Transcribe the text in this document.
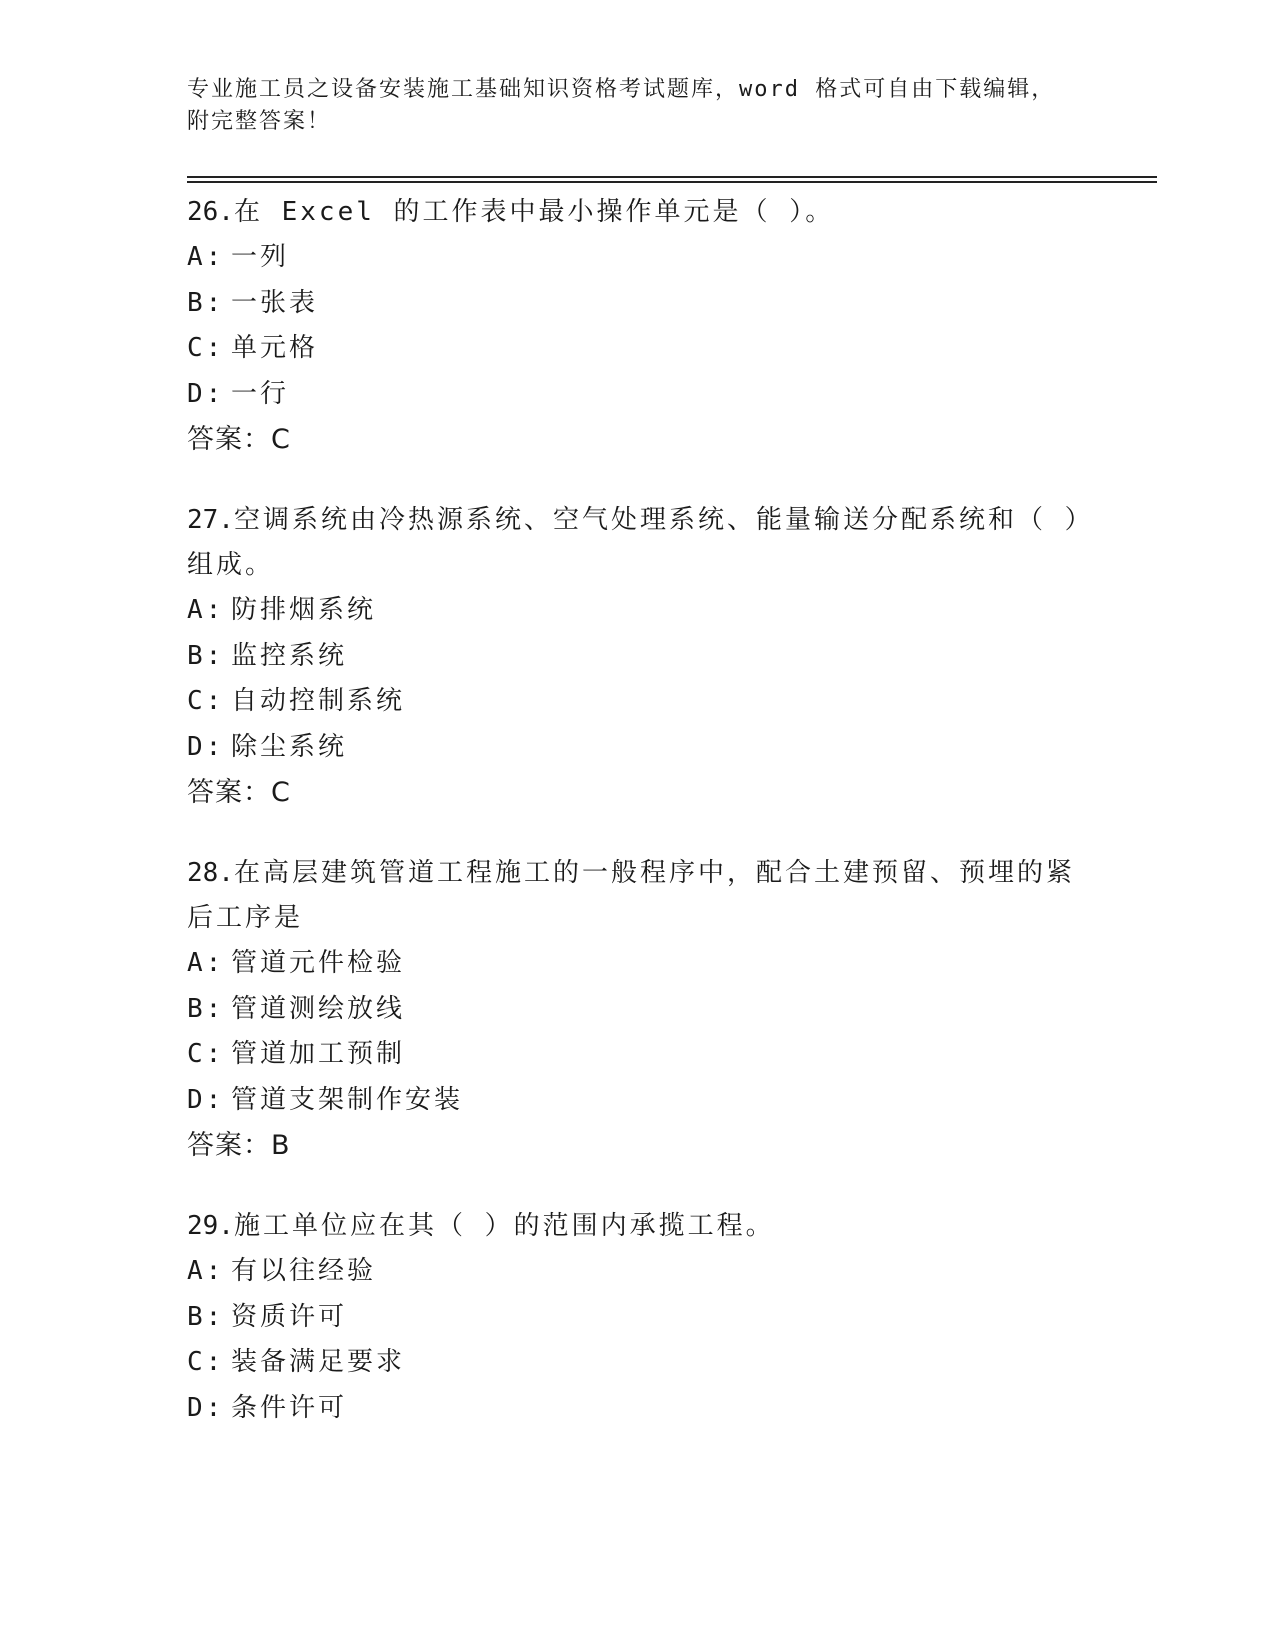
专业施工员之设备安装施工基础知识资格考试题库，word 格式可自由下载编辑，
附完整答案！
26.在 Excel 的工作表中最小操作单元是（ ）。
A: 一列
B: 一张表
C: 单元格
D: 一行
答案：C
27.空调系统由冷热源系统、空气处理系统、能量输送分配系统和（ ）组成。
A: 防排烟系统
B: 监控系统
C: 自动控制系统
D: 除尘系统
答案：C
28.在高层建筑管道工程施工的一般程序中，配合土建预留、预埋的紧后工序是
A: 管道元件检验
B: 管道测绘放线
C: 管道加工预制
D: 管道支架制作安装
答案：B
29.施工单位应在其（ ）的范围内承揽工程。
A: 有以往经验
B: 资质许可
C: 装备满足要求
D: 条件许可
